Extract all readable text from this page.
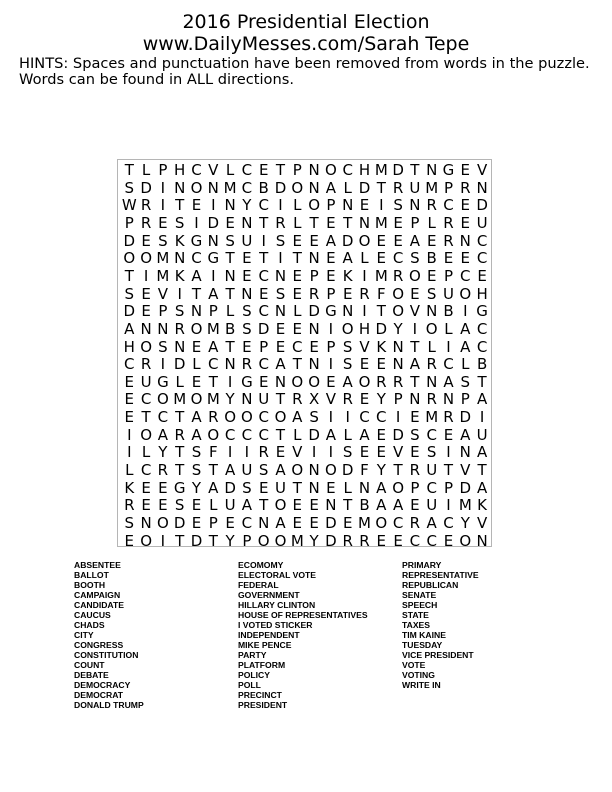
2016 Presidential Election
www.DailyMesses.com/Sarah Tepe
HINTS: Spaces and punctuation have been removed from words in the puzzle. Words can be found in ALL directions.
T L P H C V L C E T P N O C H M D T N G E V
S D I N O N M C B D O N A L D T R U M P R N
W R I T E I N Y C I L O P N E I S N R C E D
P R E S I D E N T R L T E T N M E P L R E U
D E S K G N S U I S E E A D O E E A E R N C
O O M N C G T E T I T N E A L E C S B E E C
T I M K A I N E C N E P E K I M R O E P C E
S E V I T A T N E S E R P E R F O E S U O H
D E P S N P L S C N L D G N I T O V N B I G
A N N R O M B S D E E N I O H D Y I O L A C
H O S N E A T E P E C E P S V K N T L I A C
C R I D L C N R C A T N I S E E N A R C L B
E U G L E T I G E N O O E A O R R T N A S T
E C O M O M Y N U T R X V R E Y P N R N P A
E T C T A R O O C O A S I I C C I E M R D I
I O A R A O C C C T L D A L A E D S C E A U
I L Y T S F I I R E V I I S E E V E S I N A
L C R T S T A U S A O N O D F Y T R U T V T
K E E G Y A D S E U T N E L N A O P C P D A
R E E S E L U A T O E E N T B A A E U I M K
S N O D E P E C N A E E D E M O C R A C Y V
E O I T D T Y P O O M Y D R R E E C C E O N
ABSENTEE
BALLOT
BOOTH
CAMPAIGN
CANDIDATE
CAUCUS
CHADS
CITY
CONGRESS
CONSTITUTION
COUNT
DEBATE
DEMOCRACY
DEMOCRAT
DONALD TRUMP
ECOMOMY
ELECTORAL VOTE
FEDERAL
GOVERNMENT
HILLARY CLINTON
HOUSE OF REPRESENTATIVES
I VOTED STICKER
INDEPENDENT
MIKE PENCE
PARTY
PLATFORM
POLICY
POLL
PRECINCT
PRESIDENT
PRIMARY
REPRESENTATIVE
REPUBLICAN
SENATE
SPEECH
STATE
TAXES
TIM KAINE
TUESDAY
VICE PRESIDENT
VOTE
VOTING
WRITE IN
